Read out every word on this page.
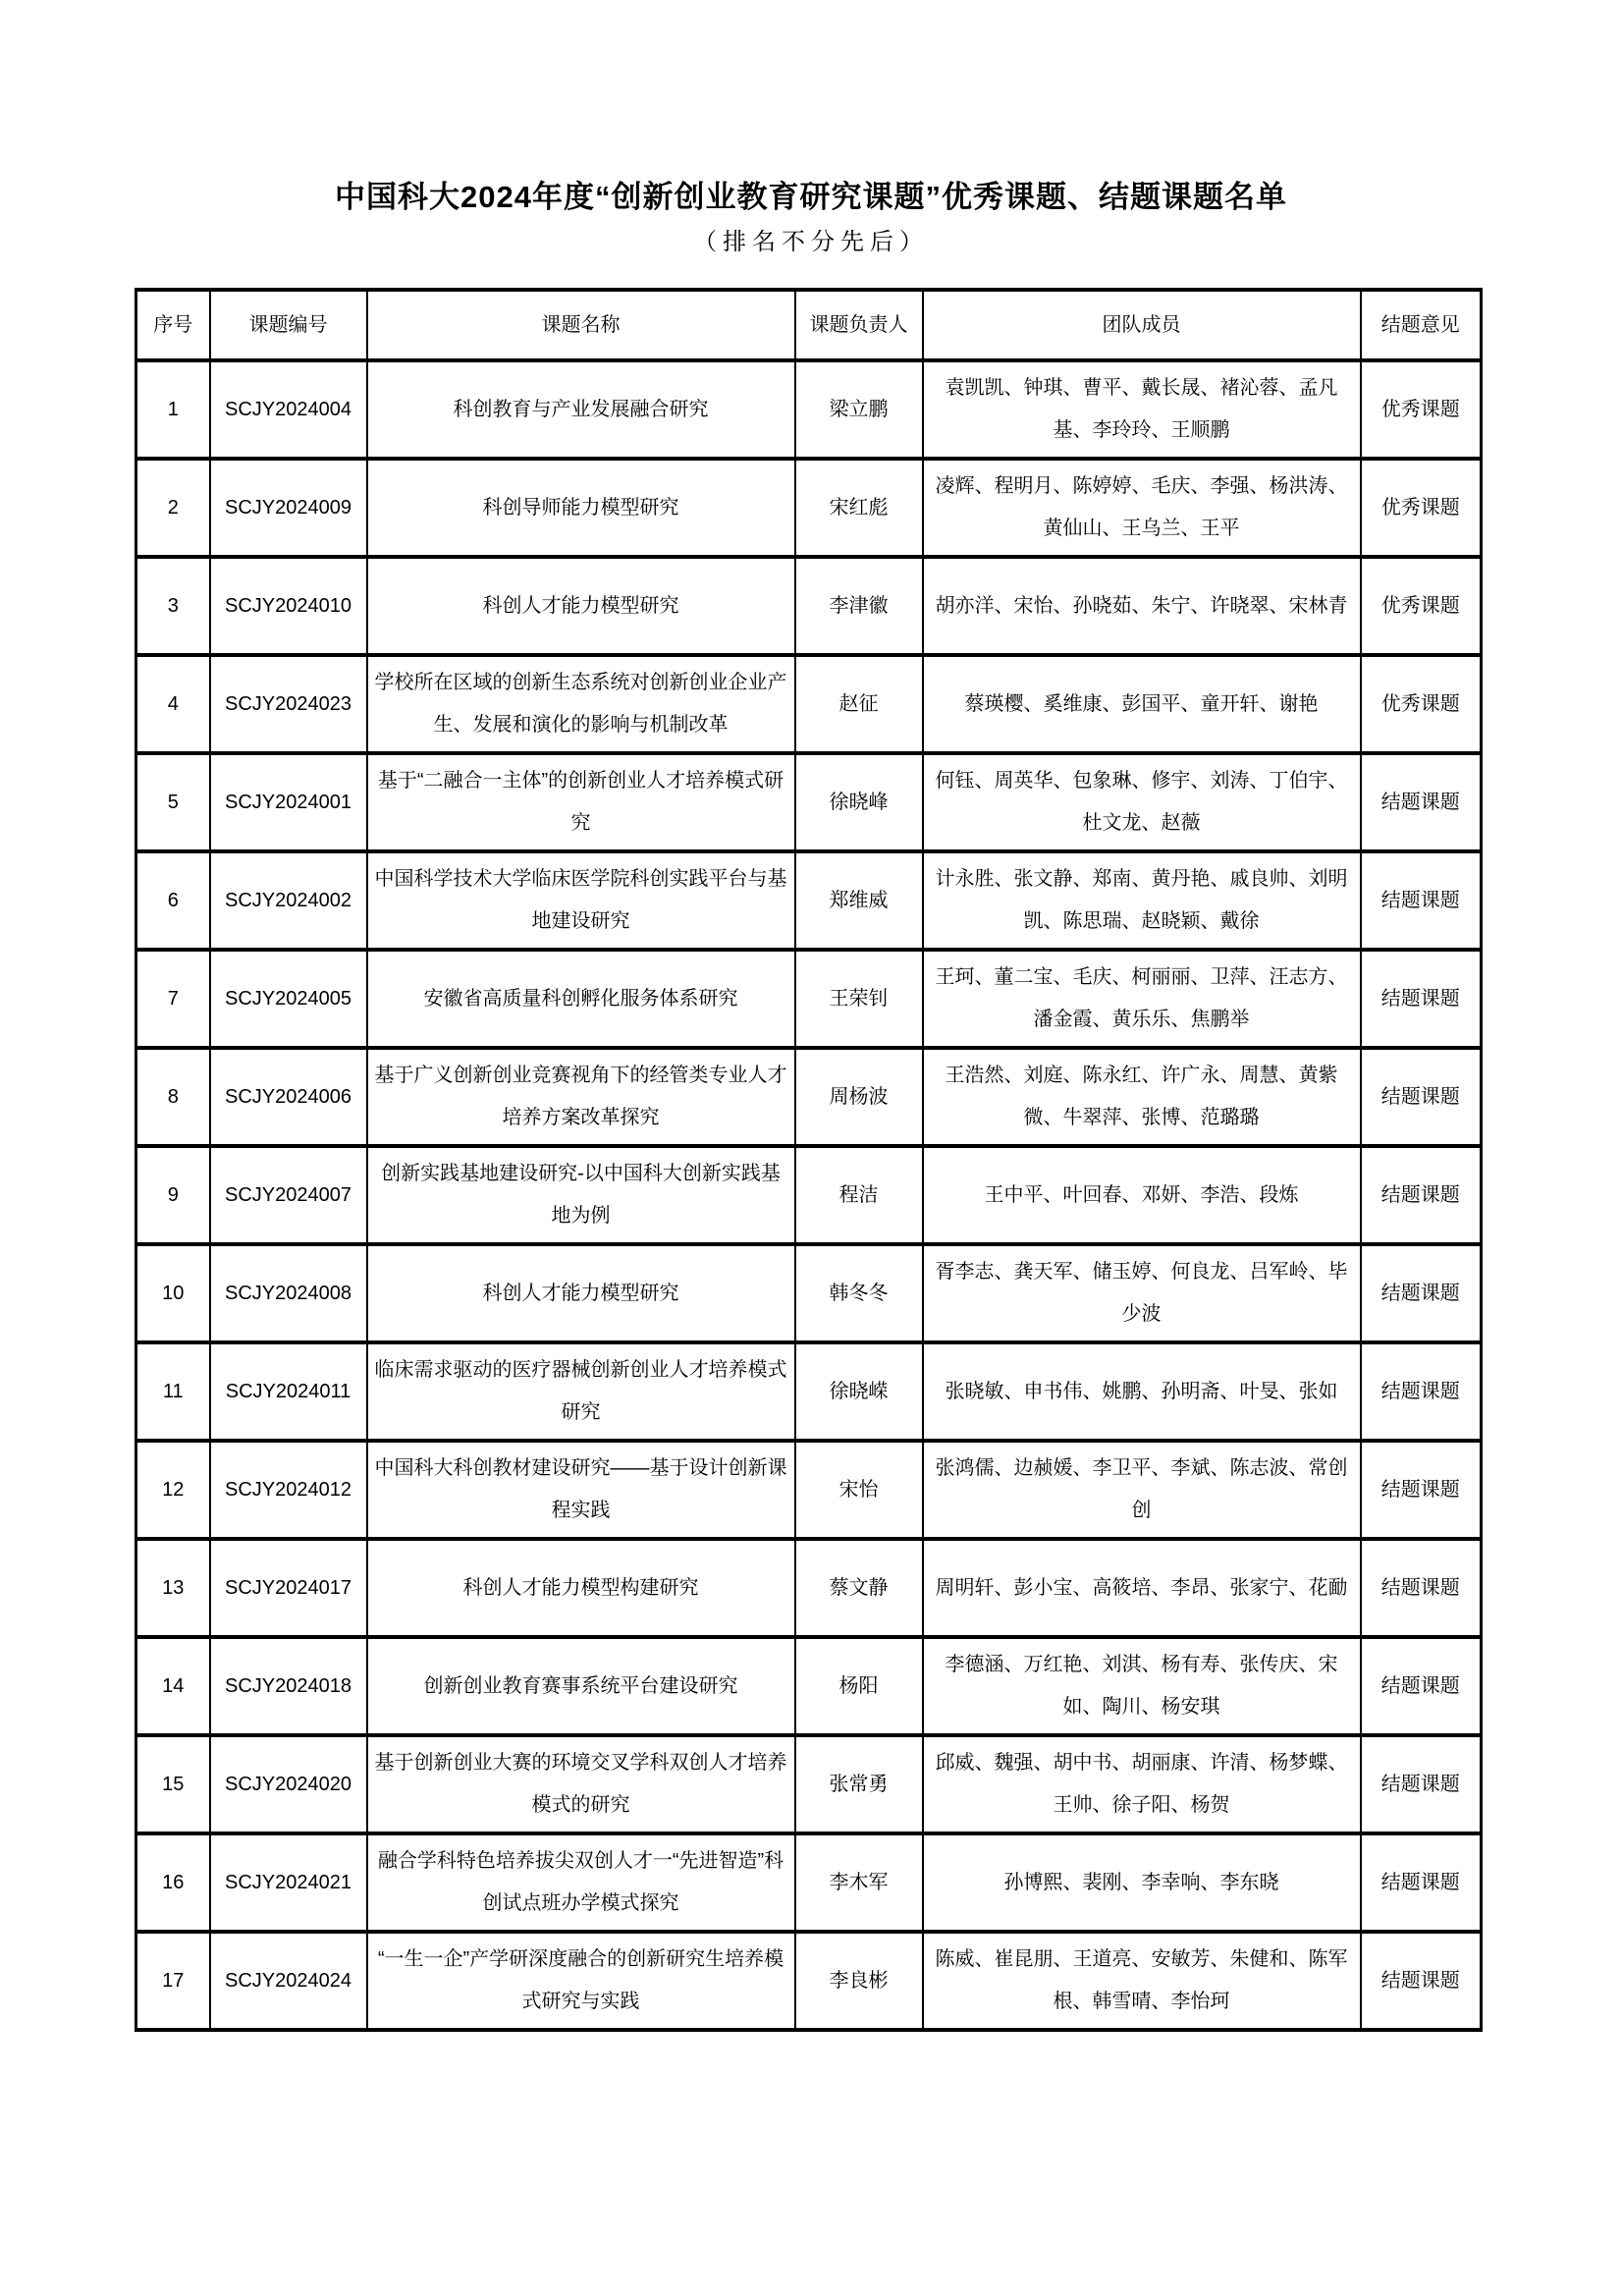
中国科大2024年度“创新创业教育研究课题”优秀课题、结题课题名单
（排名不分先后）
序号	课题编号	课题名称	课题负责人	团队成员	结题意见
1	SCJY2024004	科创教育与产业发展融合研究	梁立鹏	袁凯凯、钟琪、曹平、戴长晟、褚沁蓉、孟凡基、李玲玲、王顺鹏	优秀课题
2	SCJY2024009	科创导师能力模型研究	宋红彪	凌辉、程明月、陈婷婷、毛庆、李强、杨洪涛、黄仙山、王乌兰、王平	优秀课题
3	SCJY2024010	科创人才能力模型研究	李津徽	胡亦洋、宋怡、孙晓茹、朱宁、许晓翠、宋林青	优秀课题
4	SCJY2024023	学校所在区域的创新生态系统对创新创业企业产生、发展和演化的影响与机制改革	赵征	蔡瑛樱、奚维康、彭国平、童开轩、谢艳	优秀课题
5	SCJY2024001	基于“二融合一主体”的创新创业人才培养模式研究	徐晓峰	何钰、周英华、包象琳、修宇、刘涛、丁伯宇、杜文龙、赵薇	结题课题
6	SCJY2024002	中国科学技术大学临床医学院科创实践平台与基地建设研究	郑维威	计永胜、张文静、郑南、黄丹艳、戚良帅、刘明凯、陈思瑞、赵晓颖、戴徐	结题课题
7	SCJY2024005	安徽省高质量科创孵化服务体系研究	王荣钊	王珂、董二宝、毛庆、柯丽丽、卫萍、汪志方、潘金霞、黄乐乐、焦鹏举	结题课题
8	SCJY2024006	基于广义创新创业竞赛视角下的经管类专业人才培养方案改革探究	周杨波	王浩然、刘庭、陈永红、许广永、周慧、黄紫微、牛翠萍、张博、范璐璐	结题课题
9	SCJY2024007	创新实践基地建设研究-以中国科大创新实践基地为例	程洁	王中平、叶回春、邓妍、李浩、段炼	结题课题
10	SCJY2024008	科创人才能力模型研究	韩冬冬	胥李志、龚天军、储玉婷、何良龙、吕军岭、毕少波	结题课题
11	SCJY2024011	临床需求驱动的医疗器械创新创业人才培养模式研究	徐晓嵘	张晓敏、申书伟、姚鹏、孙明斋、叶旻、张如	结题课题
12	SCJY2024012	中国科大科创教材建设研究——基于设计创新课程实践	宋怡	张鸿儒、边赪媛、李卫平、李斌、陈志波、常创创	结题课题
13	SCJY2024017	科创人才能力模型构建研究	蔡文静	周明轩、彭小宝、高筱培、李昂、张家宁、花勔	结题课题
14	SCJY2024018	创新创业教育赛事系统平台建设研究	杨阳	李德涵、万红艳、刘淇、杨有寿、张传庆、宋如、陶川、杨安琪	结题课题
15	SCJY2024020	基于创新创业大赛的环境交叉学科双创人才培养模式的研究	张常勇	邱威、魏强、胡中书、胡丽康、许清、杨梦蝶、王帅、徐子阳、杨贺	结题课题
16	SCJY2024021	融合学科特色培养拔尖双创人才一“先进智造”科创试点班办学模式探究	李木军	孙博熙、裴刚、李幸响、李东晓	结题课题
17	SCJY2024024	“一生一企”产学研深度融合的创新研究生培养模式研究与实践	李良彬	陈威、崔昆朋、王道亮、安敏芳、朱健和、陈军根、韩雪晴、李怡珂	结题课题
